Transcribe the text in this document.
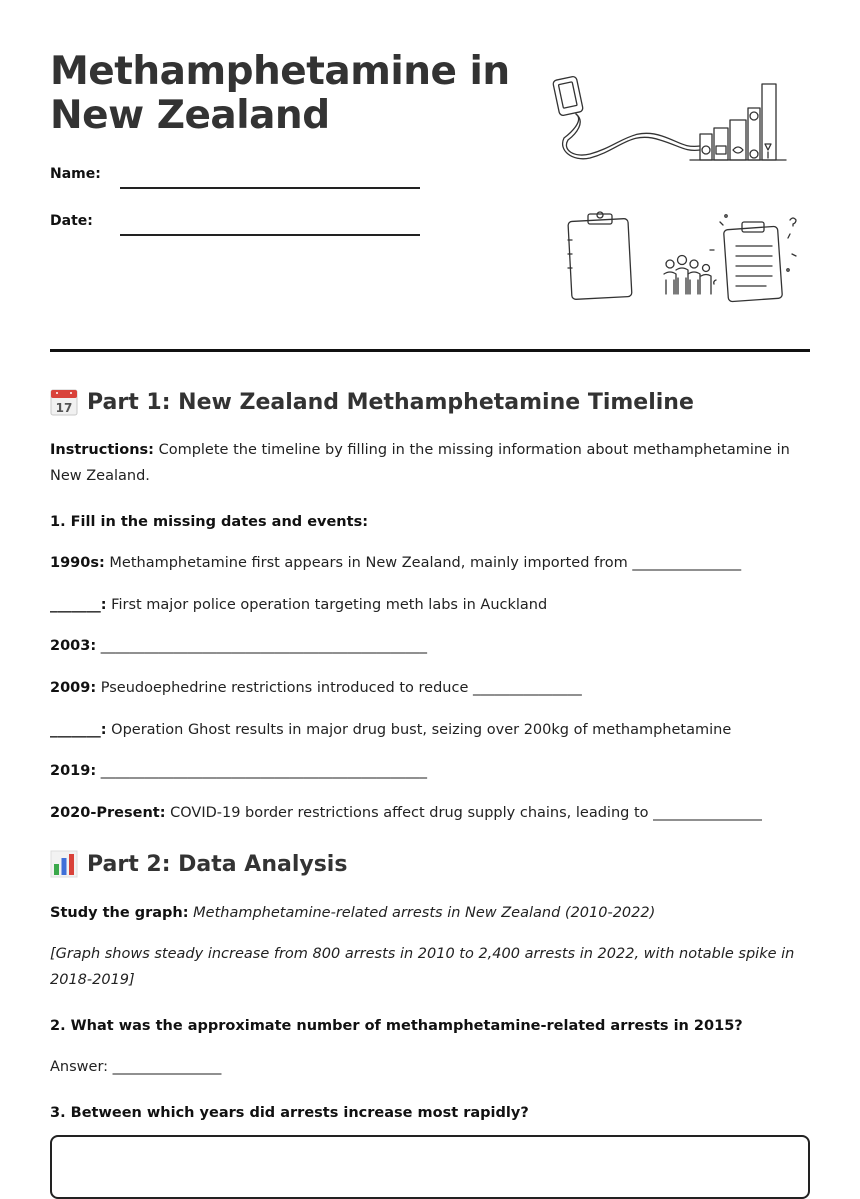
Methamphetamine in
New Zealand
Name:
Date:
17 Part 1: New Zealand Methamphetamine Timeline

Instructions: Complete the timeline by filling in the missing information about methamphetamine in New Zealand.

1. Fill in the missing dates and events:

1990s: Methamphetamine first appears in New Zealand, mainly imported from _______________

_______: First major police operation targeting meth labs in Auckland

2003: _____________________________________________

2009: Pseudoephedrine restrictions introduced to reduce _______________

_______: Operation Ghost results in major drug bust, seizing over 200kg of methamphetamine

2019: _____________________________________________

2020-Present: COVID-19 border restrictions affect drug supply chains, leading to _______________

Part 2: Data Analysis

Study the graph: Methamphetamine-related arrests in New Zealand (2010-2022)

[Graph shows steady increase from 800 arrests in 2010 to 2,400 arrests in 2022, with notable spike in 2018-2019]

2. What was the approximate number of methamphetamine-related arrests in 2015?

Answer: _______________

3. Between which years did arrests increase most rapidly?
